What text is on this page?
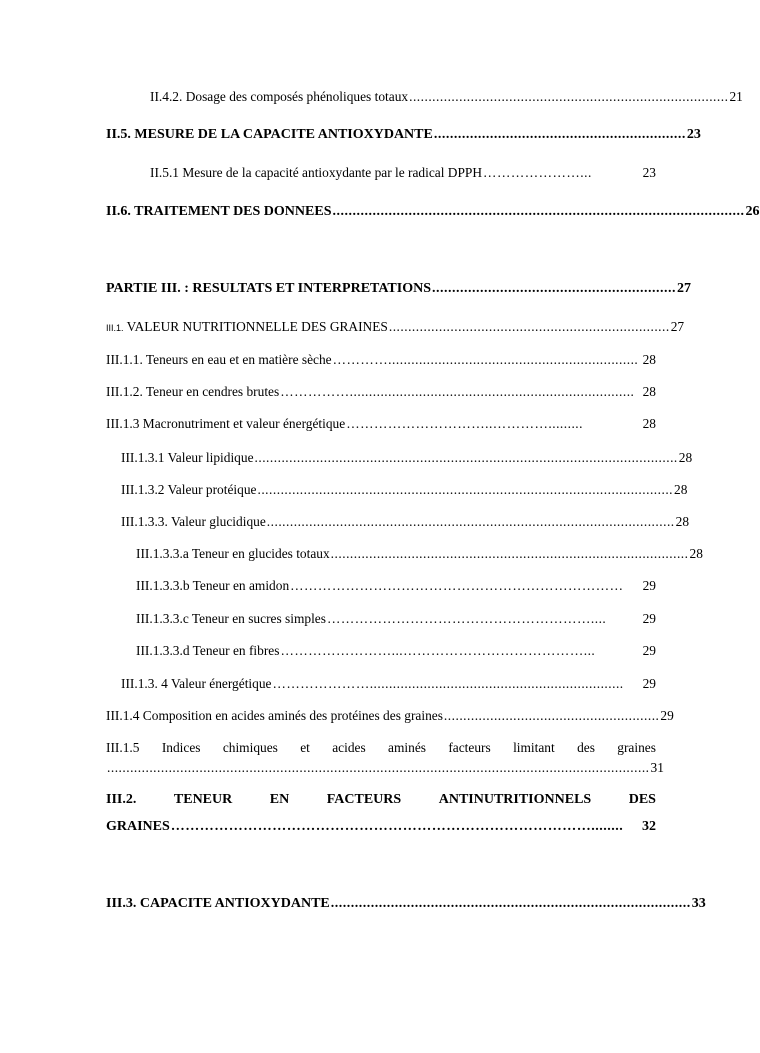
II.4.2. Dosage des composés phénoliques totaux ................................................................................... 21
II.5. MESURE DE LA CAPACITE ANTIOXYDANTE ............................................................... 23
II.5.1 Mesure de la capacité antioxydante par le radical DPPH …………………...	23
II.6. TRAITEMENT DES DONNEES ....................................................................................................... 26
PARTIE III. : RESULTATS ET INTERPRETATIONS ............................................................. 27
III.1. VALEUR NUTRITIONNELLE DES GRAINES ......................................................................... 27
III.1.1. Teneurs en eau et en matière sèche …………................................................................. 28
III.1.2. Teneur en cendres brutes …………….......................................................................... 28
III.1.3 Macronutriment et valeur énergétique …………………………..………….........	28
III.1.3.1 Valeur lipidique .............................................................................................................. 28
III.1.3.2 Valeur protéique ............................................................................................................ 28
III.1.3.3. Valeur glucidique .......................................................................................................... 28
III.1.3.3.a Teneur en glucides totaux ............................................................................................. 28
III.1.3.3.b Teneur en amidon ………………………………………………………………	29
III.1.3.3.c Teneur en sucres simples …………………………………………………....	29
III.1.3.3.d Teneur en fibres ……………………...…………………………………...	29
III.1.3. 4 Valeur énergétique …………………..................................................................	29
III.1.4 Composition en acides aminés des protéines des graines ........................................................ 29
III.1.5 Indices chimiques et acides aminés facteurs limitant des graines
............................................................................................................................................. 31
III.2.	TENEUR	EN	FACTEURS	ANTINUTRITIONNELS	DES
GRAINES ……………………………………………………………………………........	32
III.3. CAPACITE ANTIOXYDANTE .......................................................................................... 33
